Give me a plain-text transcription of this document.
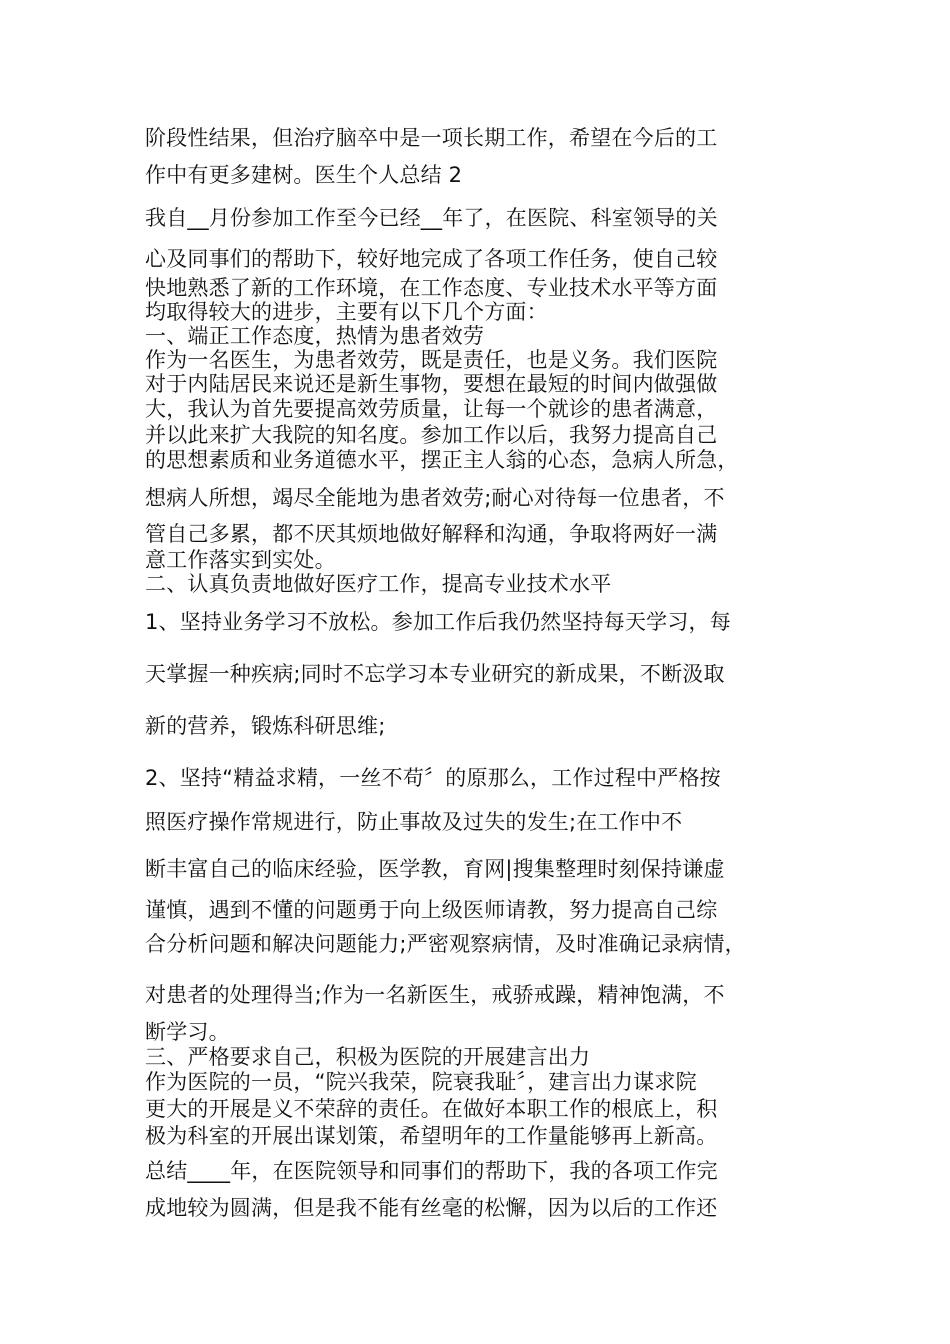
阶段性结果，但治疗脑卒中是一项长期工作，希望在今后的工
作中有更多建树。医生个人总结 2
我自__月份参加工作至今已经__年了，在医院、科室领导的关
心及同事们的帮助下，较好地完成了各项工作任务，使自己较
快地熟悉了新的工作环境，在工作态度、专业技术水平等方面
均取得较大的进步，主要有以下几个方面：
一、端正工作态度，热情为患者效劳
作为一名医生，为患者效劳，既是责任，也是义务。我们医院
对于内陆居民来说还是新生事物，要想在最短的时间内做强做
大，我认为首先要提高效劳质量，让每一个就诊的患者满意，
并以此来扩大我院的知名度。参加工作以后，我努力提高自己
的思想素质和业务道德水平，摆正主人翁的心态，急病人所急，
想病人所想，竭尽全能地为患者效劳;耐心对待每一位患者，不
管自己多累，都不厌其烦地做好解释和沟通，争取将两好一满
意工作落实到实处。
二、认真负责地做好医疗工作，提高专业技术水平
1、坚持业务学习不放松。参加工作后我仍然坚持每天学习，每
天掌握一种疾病;同时不忘学习本专业研究的新成果，不断汲取
新的营养，锻炼科研思维;
2、坚持“精益求精，一丝不苟〞的原那么，工作过程中严格按
照医疗操作常规进行，防止事故及过失的发生;在工作中不
断丰富自己的临床经验，医学教，育网|搜集整理时刻保持谦虚
谨慎，遇到不懂的问题勇于向上级医师请教，努力提高自己综
合分析问题和解决问题能力;严密观察病情，及时准确记录病情，
对患者的处理得当;作为一名新医生，戒骄戒躁，精神饱满，不
断学习。
三、严格要求自己，积极为医院的开展建言出力
作为医院的一员，“院兴我荣，院衰我耻〞，建言出力谋求院
更大的开展是义不荣辞的责任。在做好本职工作的根底上，积
极为科室的开展出谋划策，希望明年的工作量能够再上新高。
总结____年，在医院领导和同事们的帮助下，我的各项工作完
成地较为圆满，但是我不能有丝毫的松懈，因为以后的工作还
